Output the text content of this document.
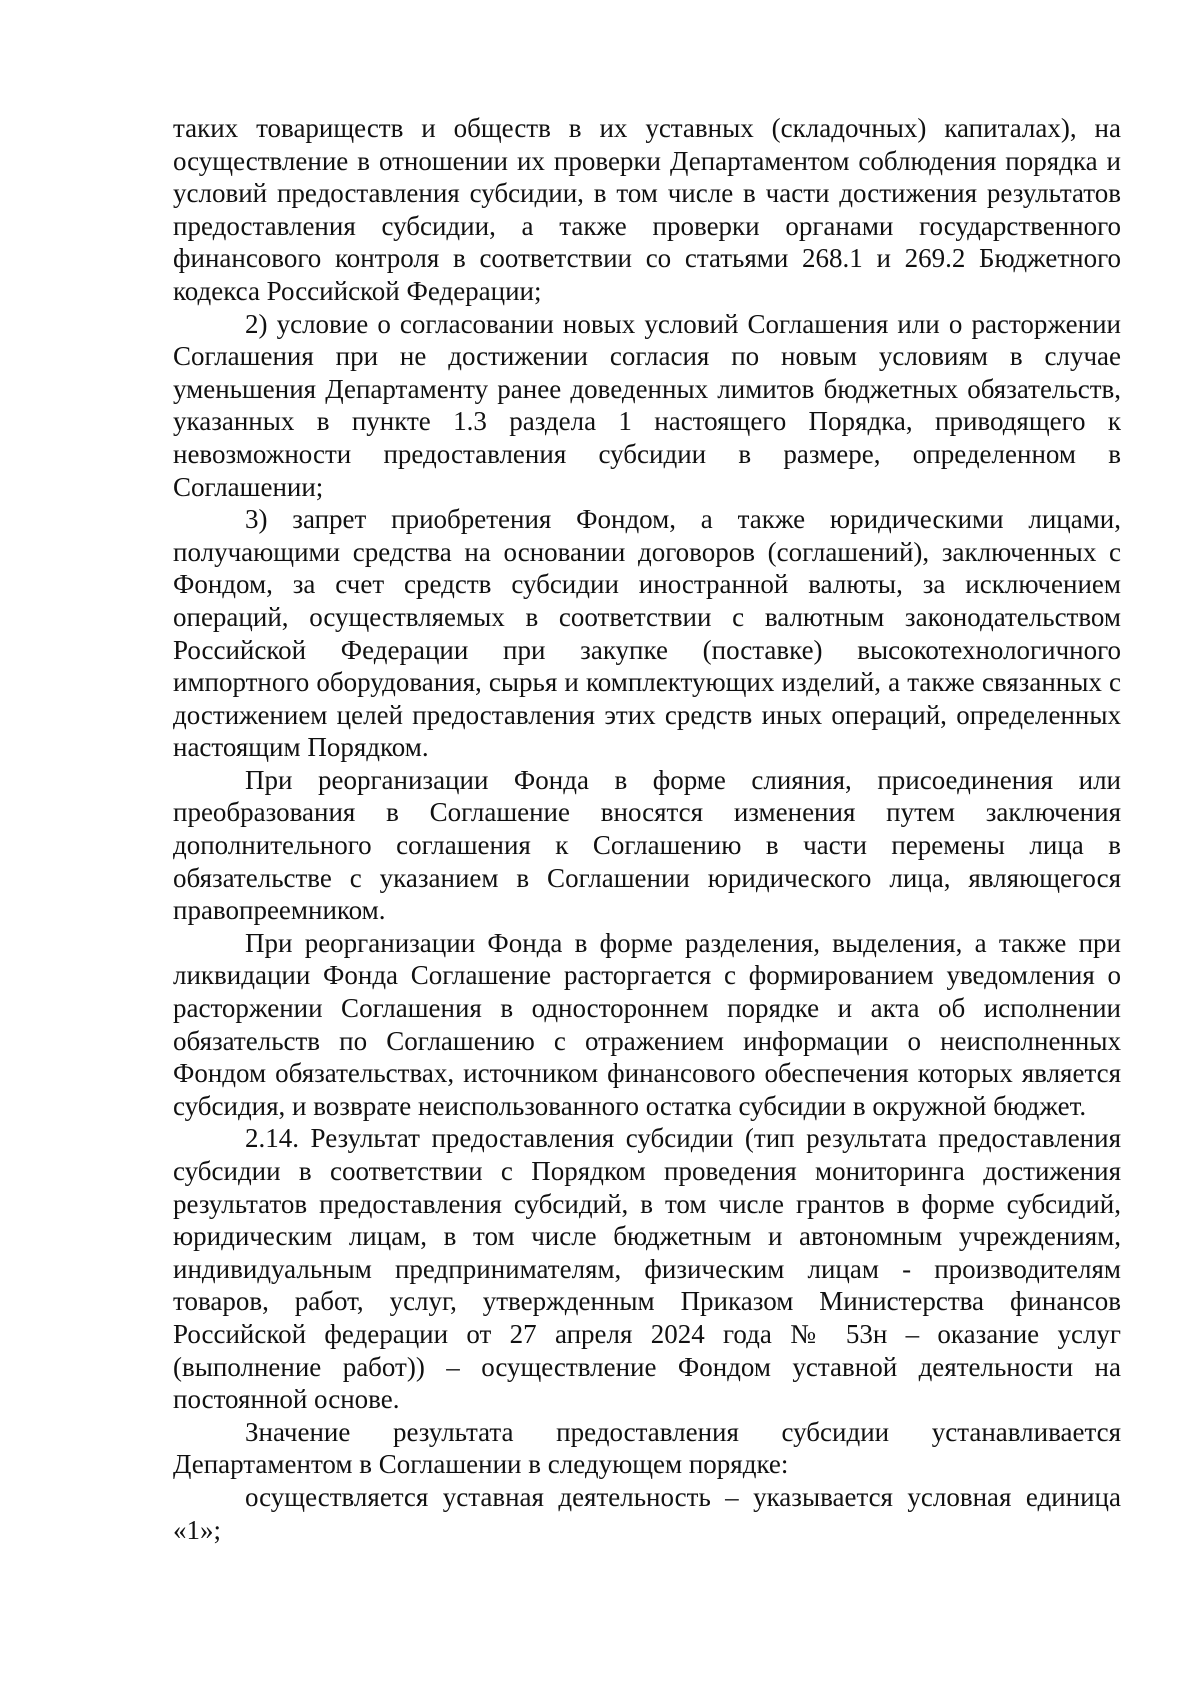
таких товариществ и обществ в их уставных (складочных) капиталах), на осуществление в отношении их проверки Департаментом соблюдения порядка и условий предоставления субсидии, в том числе в части достижения результатов предоставления субсидии, а также проверки органами государственного финансового контроля в соответствии со статьями 268.1 и 269.2 Бюджетного кодекса Российской Федерации;

2) условие о согласовании новых условий Соглашения или о расторжении Соглашения при не достижении согласия по новым условиям в случае уменьшения Департаменту ранее доведенных лимитов бюджетных обязательств, указанных в пункте 1.3 раздела 1 настоящего Порядка, приводящего к невозможности предоставления субсидии в размере, определенном в Соглашении;

3) запрет приобретения Фондом, а также юридическими лицами, получающими средства на основании договоров (соглашений), заключенных с Фондом, за счет средств субсидии иностранной валюты, за исключением операций, осуществляемых в соответствии с валютным законодательством Российской Федерации при закупке (поставке) высокотехнологичного импортного оборудования, сырья и комплектующих изделий, а также связанных с достижением целей предоставления этих средств иных операций, определенных настоящим Порядком.

При реорганизации Фонда в форме слияния, присоединения или преобразования в Соглашение вносятся изменения путем заключения дополнительного соглашения к Соглашению в части перемены лица в обязательстве с указанием в Соглашении юридического лица, являющегося правопреемником.

При реорганизации Фонда в форме разделения, выделения, а также при ликвидации Фонда Соглашение расторгается с формированием уведомления о расторжении Соглашения в одностороннем порядке и акта об исполнении обязательств по Соглашению с отражением информации о неисполненных Фондом обязательствах, источником финансового обеспечения которых является субсидия, и возврате неиспользованного остатка субсидии в окружной бюджет.

2.14. Результат предоставления субсидии (тип результата предоставления субсидии в соответствии с Порядком проведения мониторинга достижения результатов предоставления субсидий, в том числе грантов в форме субсидий, юридическим лицам, в том числе бюджетным и автономным учреждениям, индивидуальным предпринимателям, физическим лицам - производителям товаров, работ, услуг, утвержденным Приказом Министерства финансов Российской федерации от 27 апреля 2024 года № 53н – оказание услуг (выполнение работ)) – осуществление Фондом уставной деятельности на постоянной основе.

Значение результата предоставления субсидии устанавливается Департаментом в Соглашении в следующем порядке:

осуществляется уставная деятельность – указывается условная единица «1»;
